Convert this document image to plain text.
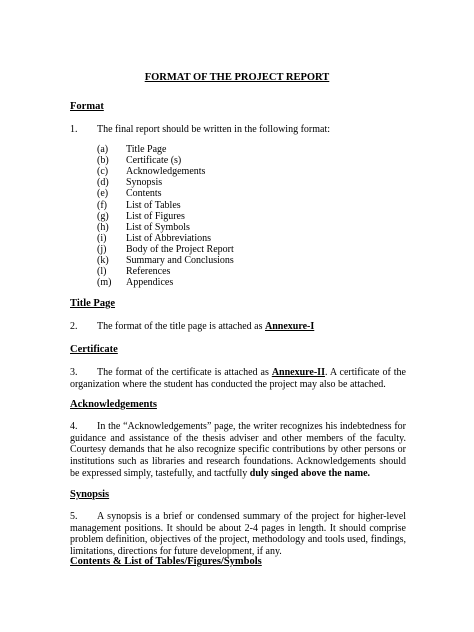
FORMAT OF THE PROJECT REPORT
Format
1. The final report should be written in the following format:
(a) Title Page
(b) Certificate (s)
(c) Acknowledgements
(d) Synopsis
(e) Contents
(f) List of Tables
(g) List of Figures
(h) List of Symbols
(i) List of Abbreviations
(j) Body of the Project Report
(k) Summary and Conclusions
(l) References
(m) Appendices
Title Page
2. The format of the title page is attached as Annexure-I
Certificate
3. The format of the certificate is attached as Annexure-II. A certificate of the organization where the student has conducted the project may also be attached.
Acknowledgements
4. In the “Acknowledgements” page, the writer recognizes his indebtedness for guidance and assistance of the thesis adviser and other members of the faculty. Courtesy demands that he also recognize specific contributions by other persons or institutions such as libraries and research foundations. Acknowledgements should be expressed simply, tastefully, and tactfully duly singed above the name.
Synopsis
5. A synopsis is a brief or condensed summary of the project for higher-level management positions. It should be about 2-4 pages in length. It should comprise problem definition, objectives of the project, methodology and tools used, findings, limitations, directions for future development, if any.
Contents & List of Tables/Figures/Symbols
